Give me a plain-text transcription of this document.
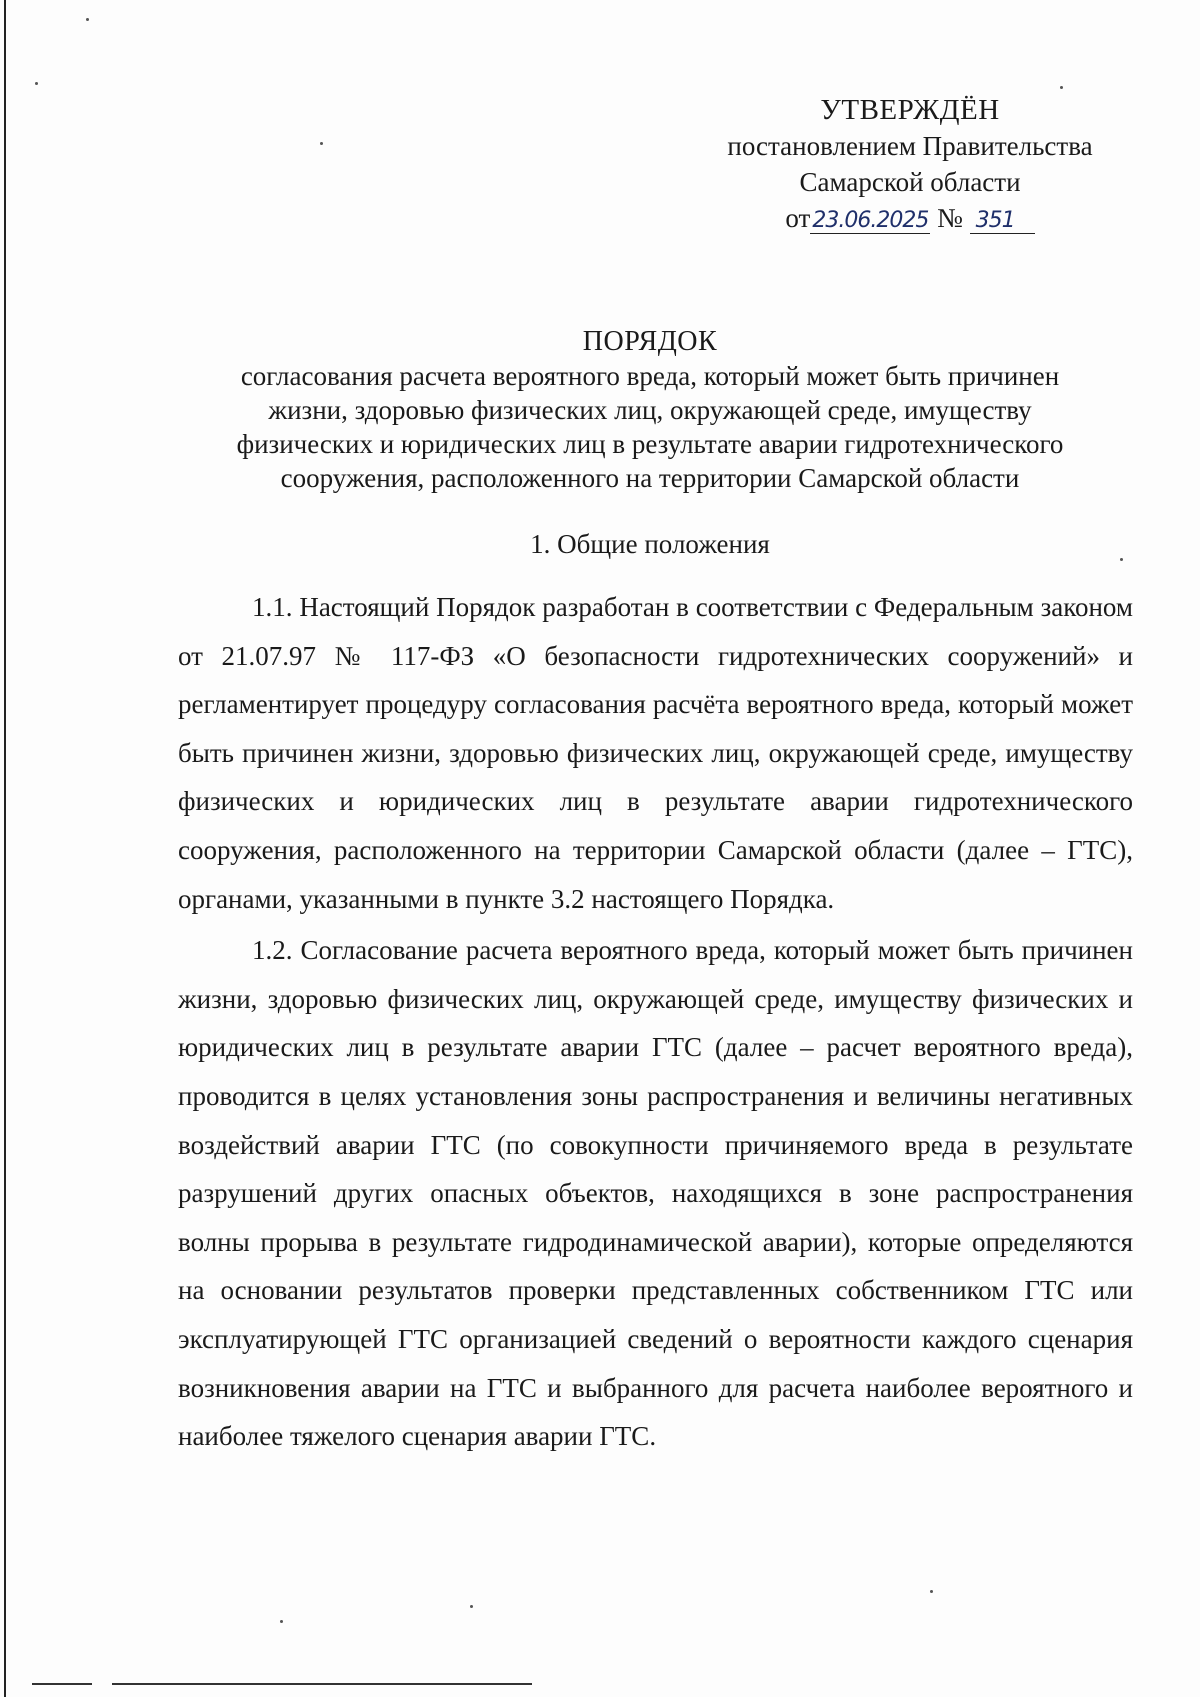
УТВЕРЖДЁН
постановлением Правительства
Самарской области
от23.06.2025 № 351
ПОРЯДОК
согласования расчета вероятного вреда, который может быть причинен
жизни, здоровью физических лиц, окружающей среде, имуществу
физических и юридических лиц в результате аварии гидротехнического
сооружения, расположенного на территории Самарской области
1. Общие положения

1.1. Настоящий Порядок разработан в соответствии с Федеральным законом от 21.07.97 № 117-ФЗ «О безопасности гидротехнических сооружений» и регламентирует процедуру согласования расчёта вероятного вреда, который может быть причинен жизни, здоровью физических лиц, окружающей среде, имуществу физических и юридических лиц в результате аварии гидротехнического сооружения, расположенного на территории Самарской области (далее – ГТС), органами, указанными в пункте 3.2 настоящего Порядка.

1.2. Согласование расчета вероятного вреда, который может быть причинен жизни, здоровью физических лиц, окружающей среде, имуществу физических и юридических лиц в результате аварии ГТС (далее – расчет вероятного вреда), проводится в целях установления зоны распространения и величины негативных воздействий аварии ГТС (по совокупности причиняемого вреда в результате разрушений других опасных объектов, находящихся в зоне распространения волны прорыва в результате гидродинамической аварии), которые определяются на основании результатов проверки представленных собственником ГТС или эксплуатирующей ГТС организацией сведений о вероятности каждого сценария возникновения аварии на ГТС и выбранного для расчета наиболее вероятного и наиболее тяжелого сценария аварии ГТС.
